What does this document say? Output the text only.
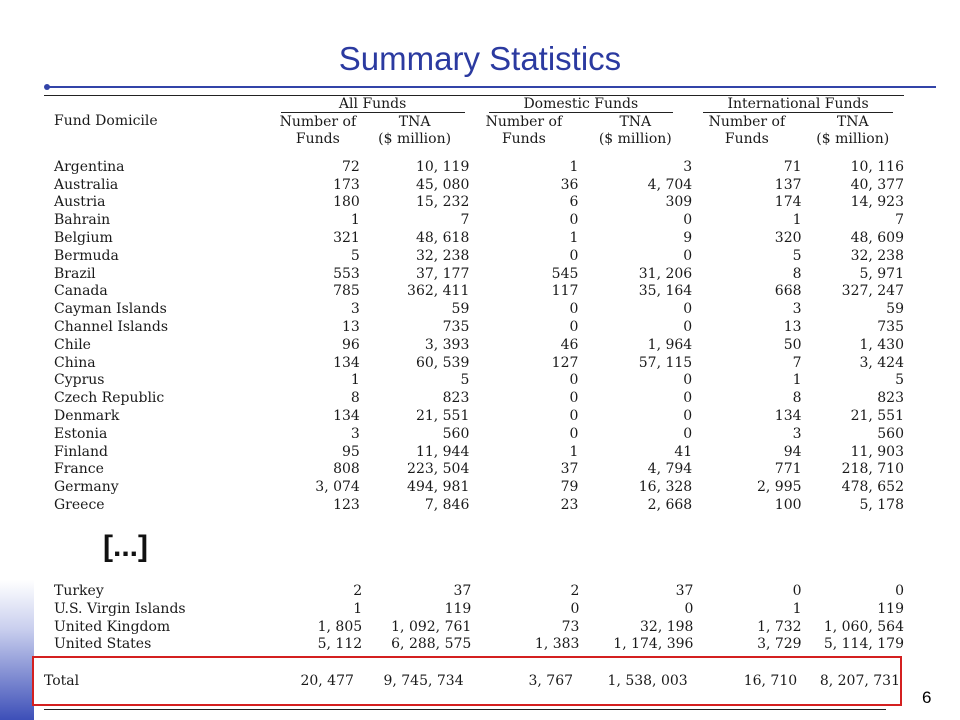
Summary Statistics
	All Funds		Domestic Funds		International Funds	
Fund Domicile	Number of	TNA	Number of	TNA	Number of	TNA
	Funds	($ million)	Funds	($ million)	Funds	($ million)

Argentina	72	10, 119	1	3	71	10, 116
Australia	173	45, 080	36	4, 704	137	40, 377
Austria	180	15, 232	6	309	174	14, 923
Bahrain	1	7	0	0	1	7
Belgium	321	48, 618	1	9	320	48, 609
Bermuda	5	32, 238	0	0	5	32, 238
Brazil	553	37, 177	545	31, 206	8	5, 971
Canada	785	362, 411	117	35, 164	668	327, 247
Cayman Islands	3	59	0	0	3	59
Channel Islands	13	735	0	0	13	735
Chile	96	3, 393	46	1, 964	50	1, 430
China	134	60, 539	127	57, 115	7	3, 424
Cyprus	1	5	0	0	1	5
Czech Republic	8	823	0	0	8	823
Denmark	134	21, 551	0	0	134	21, 551
Estonia	3	560	0	0	3	560
Finland	95	11, 944	1	41	94	11, 903
France	808	223, 504	37	4, 794	771	218, 710
Germany	3, 074	494, 981	79	16, 328	2, 995	478, 652
Greece	123	7, 846	23	2, 668	100	5, 178
[...]
Turkey	2	37	2	37	0	0
U.S. Virgin Islands	1	119	0	0	1	119
United Kingdom	1, 805	1, 092, 761	73	32, 198	1, 732	1, 060, 564
United States	5, 112	6, 288, 575	1, 383	1, 174, 396	3, 729	5, 114, 179
Total	20, 477	9, 745, 734	3, 767	1, 538, 003	16, 710	8, 207, 731
6
